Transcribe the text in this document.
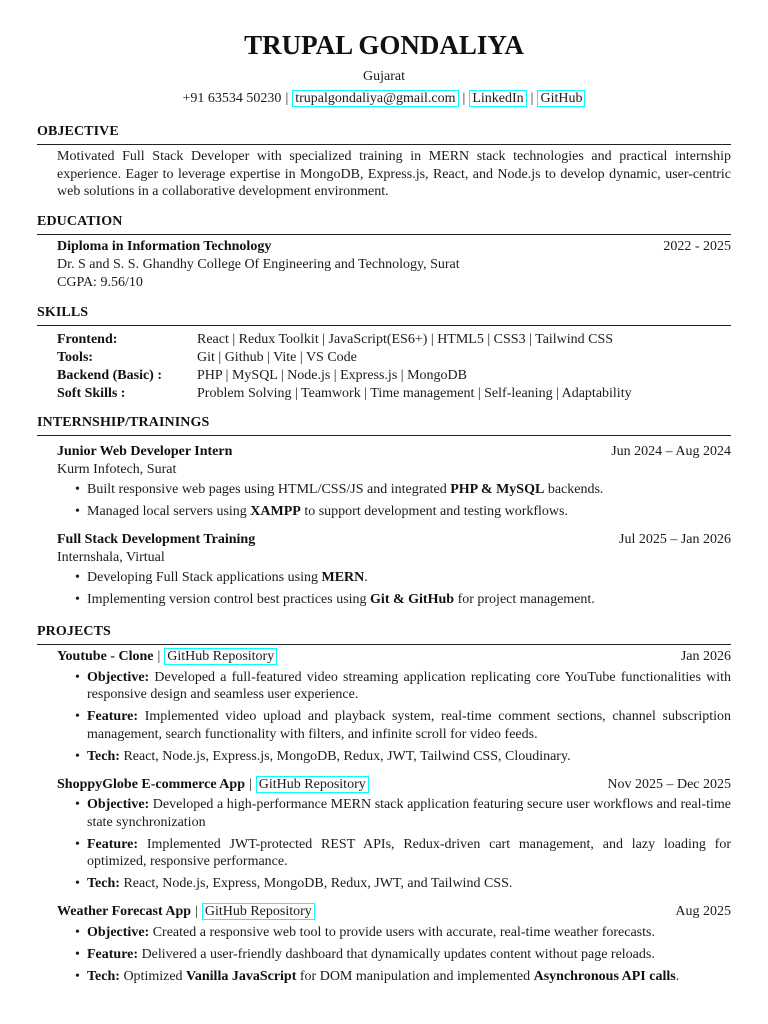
TRUPAL GONDALIYA
Gujarat
+91 63534 50230 | trupalgondaliya@gmail.com | LinkedIn | GitHub
OBJECTIVE
Motivated Full Stack Developer with specialized training in MERN stack technologies and practical internship experience. Eager to leverage expertise in MongoDB, Express.js, React, and Node.js to develop dynamic, user-centric web solutions in a collaborative development environment.
EDUCATION
Diploma in Information Technology	2022 - 2025
Dr. S and S. S. Ghandhy College Of Engineering and Technology, Surat
CGPA: 9.56/10
SKILLS
Frontend:	React | Redux Toolkit | JavaScript(ES6+) | HTML5 | CSS3 | Tailwind CSS
Tools:	Git | Github | Vite | VS Code
Backend (Basic) :	PHP | MySQL | Node.js | Express.js | MongoDB
Soft Skills :	Problem Solving | Teamwork | Time management | Self-leaning | Adaptability
INTERNSHIP/TRAININGS
Junior Web Developer Intern	Jun 2024 – Aug 2024
Kurm Infotech, Surat
• Built responsive web pages using HTML/CSS/JS and integrated PHP & MySQL backends.
• Managed local servers using XAMPP to support development and testing workflows.
Full Stack Development Training	Jul 2025 – Jan 2026
Internshala, Virtual
• Developing Full Stack applications using MERN.
• Implementing version control best practices using Git & GitHub for project management.
PROJECTS
Youtube - Clone | GitHub Repository	Jan 2026
• Objective: Developed a full-featured video streaming application replicating core YouTube functionalities with responsive design and seamless user experience.
• Feature: Implemented video upload and playback system, real-time comment sections, channel subscription management, search functionality with filters, and infinite scroll for video feeds.
• Tech: React, Node.js, Express.js, MongoDB, Redux, JWT, Tailwind CSS, Cloudinary.
ShoppyGlobe E-commerce App | GitHub Repository	Nov 2025 – Dec 2025
• Objective: Developed a high-performance MERN stack application featuring secure user workflows and real-time state synchronization
• Feature: Implemented JWT-protected REST APIs, Redux-driven cart management, and lazy loading for optimized, responsive performance.
• Tech: React, Node.js, Express, MongoDB, Redux, JWT, and Tailwind CSS.
Weather Forecast App | GitHub Repository	Aug 2025
• Objective: Created a responsive web tool to provide users with accurate, real-time weather forecasts.
• Feature: Delivered a user-friendly dashboard that dynamically updates content without page reloads.
• Tech: Optimized Vanilla JavaScript for DOM manipulation and implemented Asynchronous API calls.
